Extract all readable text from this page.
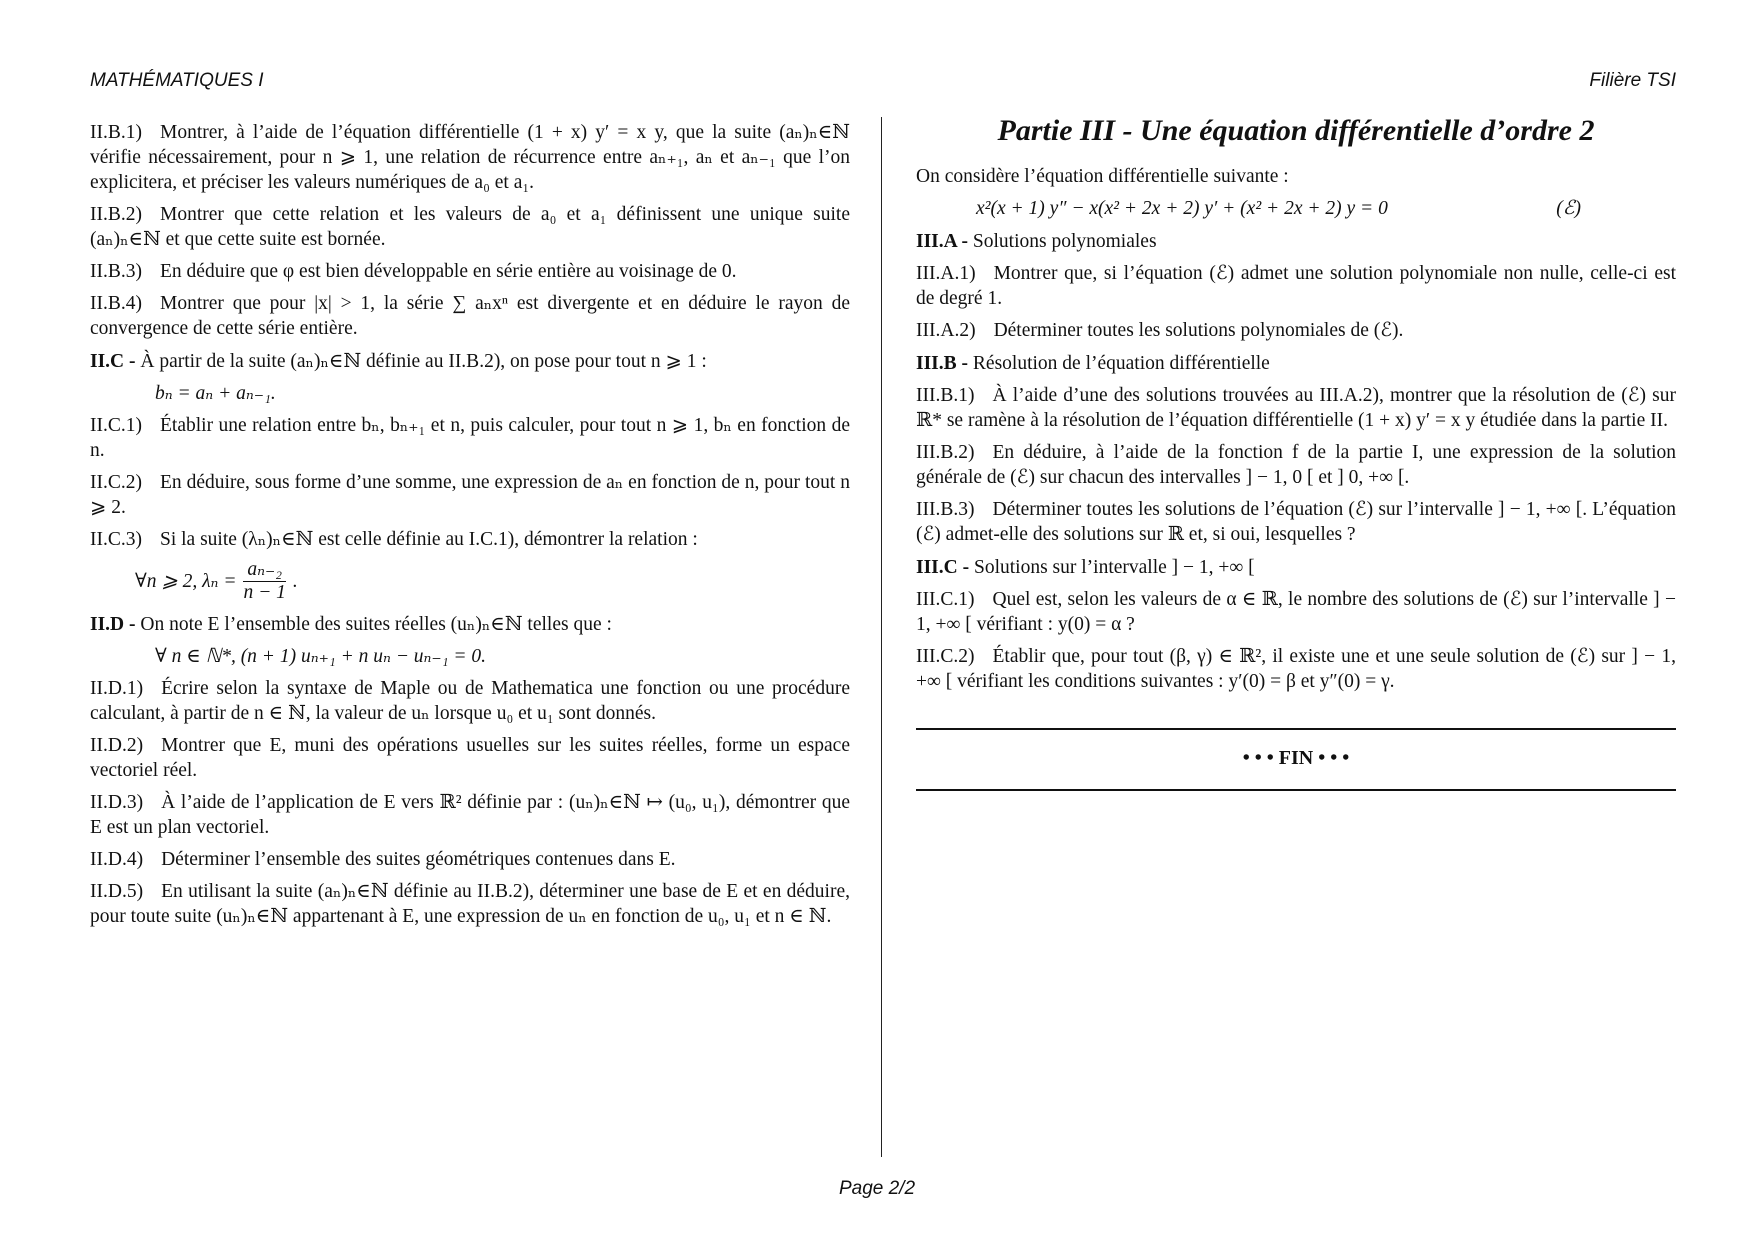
MATHÉMATIQUES I	Filière TSI

II.B.1) Montrer, à l’aide de l’équation différentielle (1 + x) y′ = x y, que la suite (aₙ)ₙ∈ℕ vérifie nécessairement, pour n ⩾ 1, une relation de récurrence entre aₙ₊₁, aₙ et aₙ₋₁ que l’on explicitera, et préciser les valeurs numériques de a₀ et a₁.

II.B.2) Montrer que cette relation et les valeurs de a₀ et a₁ définissent une unique suite (aₙ)ₙ∈ℕ et que cette suite est bornée.

II.B.3) En déduire que φ est bien développable en série entière au voisinage de 0.

II.B.4) Montrer que pour |x| > 1, la série ∑ aₙxⁿ est divergente et en déduire le rayon de convergence de cette série entière.

II.C - À partir de la suite (aₙ)ₙ∈ℕ définie au II.B.2), on pose pour tout n ⩾ 1 :

bₙ = aₙ + aₙ₋₁.

II.C.1) Établir une relation entre bₙ, bₙ₊₁ et n, puis calculer, pour tout n ⩾ 1, bₙ en fonction de n.

II.C.2) En déduire, sous forme d’une somme, une expression de aₙ en fonction de n, pour tout n ⩾ 2.

II.C.3) Si la suite (λₙ)ₙ∈ℕ est celle définie au I.C.1), démontrer la relation :

∀n ⩾ 2, $\lambda_n = \frac{\text{aₙ₋₂}}{n - 1}$ .

II.D - On note E l’ensemble des suites réelles (uₙ)ₙ∈ℕ telles que :

∀ n ∈ ℕ*, (n + 1) uₙ₊₁ + n uₙ − uₙ₋₁ = 0.

II.D.1) Écrire selon la syntaxe de Maple ou de Mathematica une fonction ou une procédure calculant, à partir de n ∈ ℕ, la valeur de uₙ lorsque u₀ et u₁ sont donnés.

II.D.2) Montrer que E, muni des opérations usuelles sur les suites réelles, forme un espace vectoriel réel.

II.D.3) À l’aide de l’application de E vers ℝ² définie par : (uₙ)ₙ∈ℕ ↦ (u₀, u₁), démontrer que E est un plan vectoriel.

II.D.4) Déterminer l’ensemble des suites géométriques contenues dans E.

II.D.5) En utilisant la suite (aₙ)ₙ∈ℕ définie au II.B.2), déterminer une base de E et en déduire, pour toute suite (uₙ)ₙ∈ℕ appartenant à E, une expression de uₙ en fonction de u₀, u₁ et n ∈ ℕ.

Partie III - Une équation différentielle d’ordre 2

On considère l’équation différentielle suivante :

x²(x + 1) y″ − x(x² + 2x + 2) y′ + (x² + 2x + 2) y = 0	(ℰ)

III.A - Solutions polynomiales

III.A.1) Montrer que, si l’équation (ℰ) admet une solution polynomiale non nulle, celle-ci est de degré 1.

III.A.2) Déterminer toutes les solutions polynomiales de (ℰ).

III.B - Résolution de l’équation différentielle

III.B.1) À l’aide d’une des solutions trouvées au III.A.2), montrer que la résolution de (ℰ) sur ℝ* se ramène à la résolution de l’équation différentielle (1 + x) y′ = x y étudiée dans la partie II.

III.B.2) En déduire, à l’aide de la fonction f de la partie I, une expression de la solution générale de (ℰ) sur chacun des intervalles ] − 1, 0 [ et ] 0, +∞ [.

III.B.3) Déterminer toutes les solutions de l’équation (ℰ) sur l’intervalle ] − 1, +∞ [. L’équation (ℰ) admet-elle des solutions sur ℝ et, si oui, lesquelles ?

III.C - Solutions sur l’intervalle ] − 1, +∞ [

III.C.1) Quel est, selon les valeurs de α ∈ ℝ, le nombre des solutions de (ℰ) sur l’intervalle ] − 1, +∞ [ vérifiant : y(0) = α ?

III.C.2) Établir que, pour tout (β, γ) ∈ ℝ², il existe une et une seule solution de (ℰ) sur ] − 1, +∞ [ vérifiant les conditions suivantes : y′(0) = β et y″(0) = γ.

• • • FIN • • •
Page 2/2
